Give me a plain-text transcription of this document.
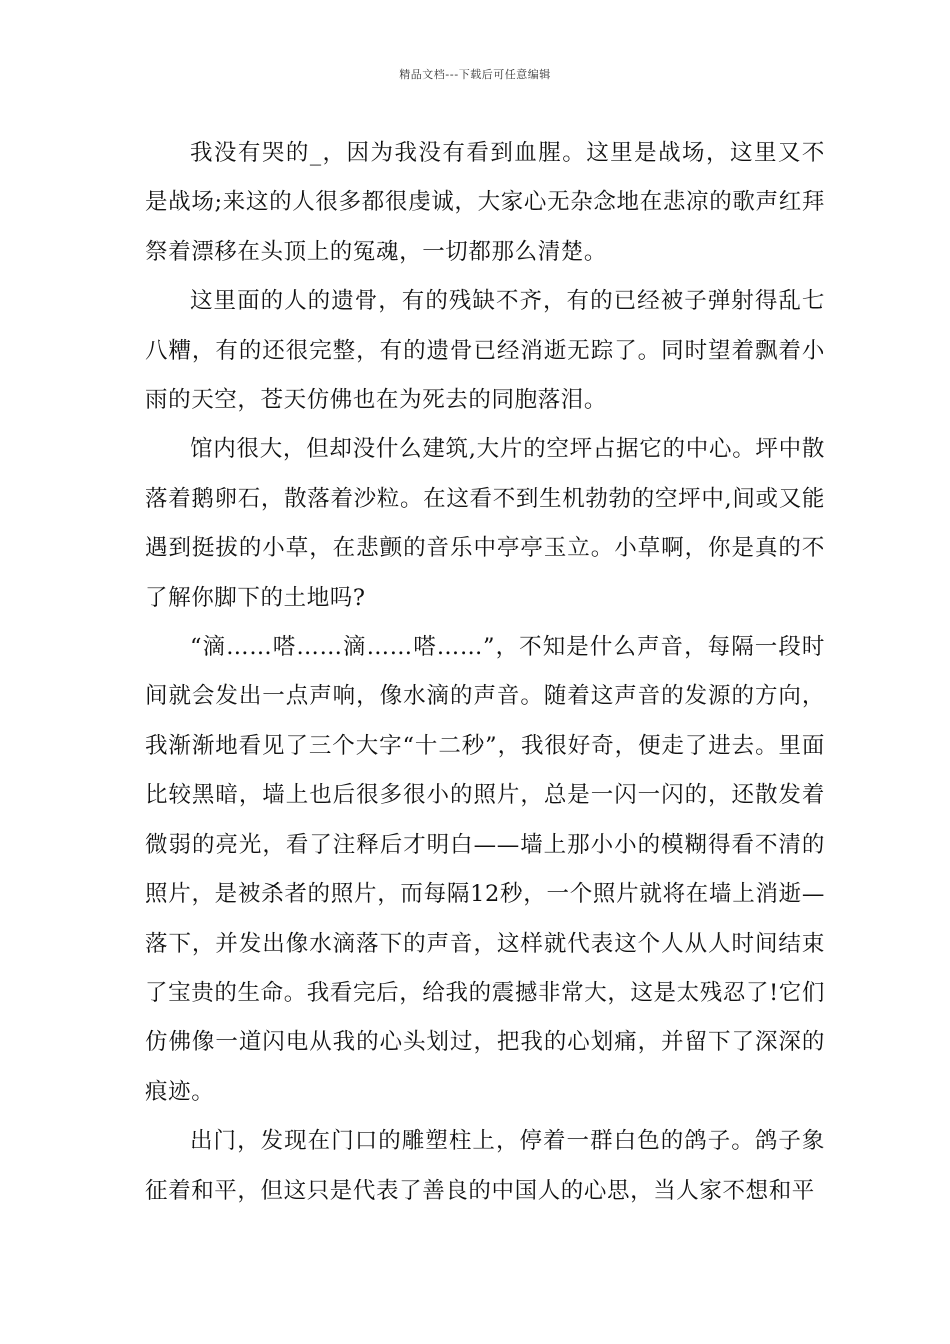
精品文档---下载后可任意编辑

我没有哭的_，因为我没有看到血腥。这里是战场，这里又不是战场;来这的人很多都很虔诚，大家心无杂念地在悲凉的歌声红拜祭着漂移在头顶上的冤魂，一切都那么清楚。

这里面的人的遗骨，有的残缺不齐，有的已经被子弹射得乱七八糟，有的还很完整，有的遗骨已经消逝无踪了。同时望着飘着小雨的天空，苍天仿佛也在为死去的同胞落泪。

馆内很大，但却没什么建筑,大片的空坪占据它的中心。坪中散落着鹅卵石，散落着沙粒。在这看不到生机勃勃的空坪中,间或又能遇到挺拔的小草，在悲颤的音乐中亭亭玉立。小草啊，你是真的不了解你脚下的土地吗?

“滴……嗒……滴……嗒……”，不知是什么声音，每隔一段时间就会发出一点声响，像水滴的声音。随着这声音的发源的方向，我渐渐地看见了三个大字“十二秒”，我很好奇，便走了进去。里面比较黑暗，墙上也后很多很小的照片，总是一闪一闪的，还散发着微弱的亮光，看了注释后才明白——墙上那小小的模糊得看不清的照片，是被杀者的照片，而每隔12秒，一个照片就将在墙上消逝—落下，并发出像水滴落下的声音，这样就代表这个人从人时间结束了宝贵的生命。我看完后，给我的震撼非常大，这是太残忍了!它们仿佛像一道闪电从我的心头划过，把我的心划痛，并留下了深深的痕迹。

出门，发现在门口的雕塑柱上，停着一群白色的鸽子。鸽子象征着和平，但这只是代表了善良的中国人的心思，当人家不想和平
